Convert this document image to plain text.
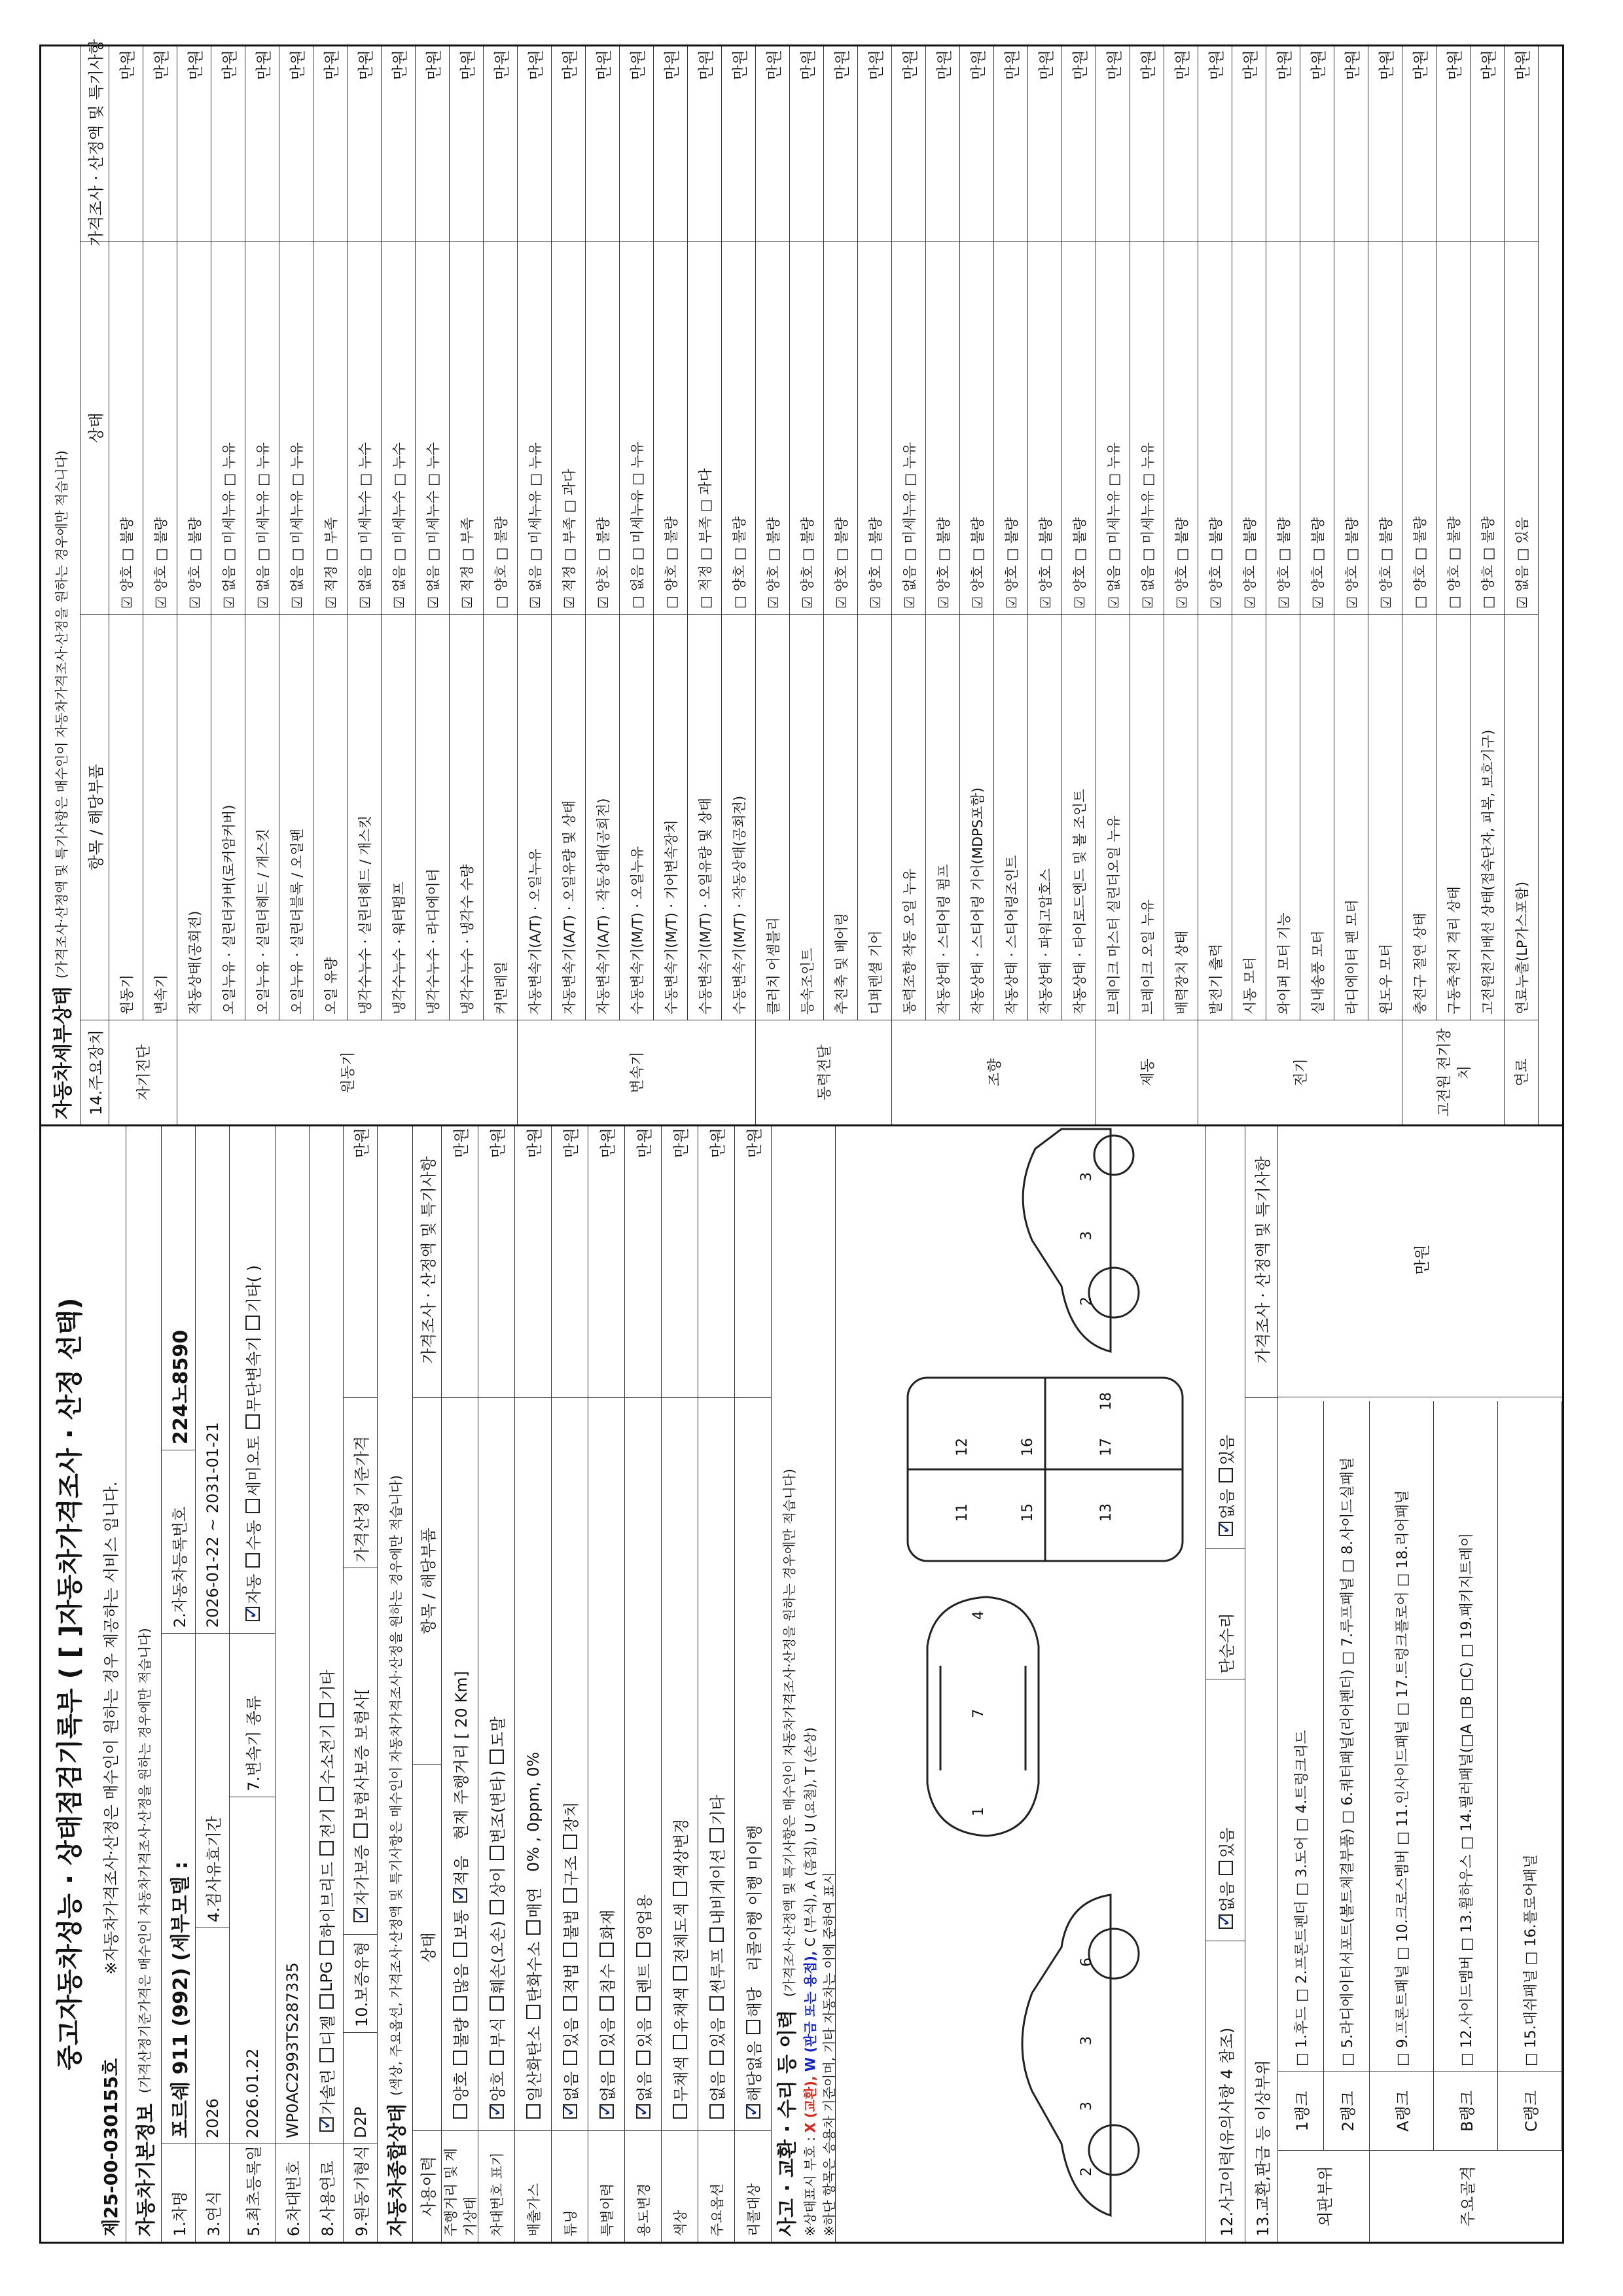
중고자동차성능 · 상태점검기록부 ( [ ]자동차가격조사 · 산정 선택)
제25-00-030155호
※자동차가격조사·산정은 매수인이 원하는 경우 제공하는 서비스 입니다.
자동차기본정보
(가격산정기준가격은 매수인이 자동차가격조사·산정을 원하는 경우에만 적습니다)
1.차명
포르쉐 911 (992) (세부모델 :
2.자동차등록번호
224노8590
3.연식
2026
4.검사유효기간
2026-01-22 ~ 2031-01-21
5.최초등록일
2026.01.22
7.변속기 종류
✓
자동
수동
세미오토
무단변속기
기타( )
6.차대번호
WP0AC2993TS287335
8.사용연료
✓
가솔린
디젤
LPG
하이브리드
전기
수소전기
기타
9.원동기형식
D2P
10.보증유형
✓
자가보증
보험사보증 보험사[
가격산정 기준가격
만원
자동차종합상태
(색상, 주요옵션, 가격조사·산정액 및 특기사항은 매수인이 자동차가격조사·산정을 원하는 경우에만 적습니다)
사용이력
상태
항목 / 해당부품
가격조사 · 산정액 및 특기사항
주행거리 및 계기상태
양호
불량
많음
보통
✓
적음
현재 주행거리 [ 20 Km]
만원
차대번호 표기
✓
양호
부식
훼손(오손)
상이
변조(변타)
도말
만원
배출가스
일산화탄소
탄화수소
매연
0% , 0ppm, 0%
만원
튜닝
✓
없음
있음
적법
불법
구조
장치
만원
특별이력
✓
없음
있음
침수
화재
만원
용도변경
✓
없음
있음
렌트
영업용
만원
색상
무채색
유채색
전체도색
색상변경
만원
주요옵션
없음
있음
썬루프
내비게이션
기타
만원
리콜대상
✓
해당없음
해당
리콜이행 이행 미이행
만원
사고 · 교환 · 수리 등 이력 (가격조사·산정액 및 특기사항은 매수인이 자동차가격조사·산정을 원하는 경우에만 적습니다)
※상태표시 부호 : X (교환), W (판금 또는 용접), C (부식), A (흠집), U (요철), T (손상)
※하단 항목은 승용차 기준이며, 기타 자동차는 이에 준하여 표시	2
3
3
6
1
7
4
11
12
15
16
13
17
18
2
3
3
12.사고이력(유의사항 4 참조)
✓
없음
있음
단순수리
✓
없음
있음
13.교환,판금 등 이상부위
가격조사 · 산정액 및 특기사항
1랭크
□ 1.후드 □ 2.프론트펜더 □ 3.도어 □ 4.트렁크리드
2랭크
□ 5.라디에이터서포트(볼트체결부품) □ 6.쿼터패널(리어펜더) □ 7.루프패널 □ 8.사이드실패널
A랭크
□ 9.프론트패널 □ 10.크로스멤버 □ 11.인사이드패널 □ 17.트렁크플로어 □ 18.리어패널
B랭크
□ 12.사이드멤버 □ 13.휠하우스 □ 14.필러패널(□A □B □C) □ 19.패키지트레이
C랭크
□ 15.대쉬패널 □ 16.플로어패널
외판부위	주요골격
만원
자동차세부상태
(가격조사·산정액 및 특기사항은 매수인이 자동차가격조사·산정을 원하는 경우에만 적습니다)
14.주요장치
항목 / 해당부품
상태
가격조사 · 산정액 및 특기사항
자기진단
원동기
☑ 양호 □ 불량
만원
변속기
☑ 양호 □ 불량
만원
원동기
작동상태(공회전)
☑ 양호 □ 불량
만원
오일누유 · 실린더커버(로커암커버)
☑ 없음 □ 미세누유 □ 누유
만원
오일누유 · 실린더헤드 / 개스킷
☑ 없음 □ 미세누유 □ 누유
만원
오일누유 · 실린더블록 / 오일팬
☑ 없음 □ 미세누유 □ 누유
만원
오일 유량
☑ 적정 □ 부족
만원
냉각수누수 · 실린더헤드 / 개스킷
☑ 없음 □ 미세누수 □ 누수
만원
냉각수누수 · 워터펌프
☑ 없음 □ 미세누수 □ 누수
만원
냉각수누수 · 라디에이터
☑ 없음 □ 미세누수 □ 누수
만원
냉각수누수 · 냉각수 수량
☑ 적정 □ 부족
만원
커먼레일
□ 양호 □ 불량
만원
변속기
자동변속기(A/T) · 오일누유
☑ 없음 □ 미세누유 □ 누유
만원
자동변속기(A/T) · 오일유량 및 상태
☑ 적정 □ 부족 □ 과다
만원
자동변속기(A/T) · 작동상태(공회전)
☑ 양호 □ 불량
만원
수동변속기(M/T) · 오일누유
□ 없음 □ 미세누유 □ 누유
만원
수동변속기(M/T) · 기어변속장치
□ 양호 □ 불량
만원
수동변속기(M/T) · 오일유량 및 상태
□ 적정 □ 부족 □ 과다
만원
수동변속기(M/T) · 작동상태(공회전)
□ 양호 □ 불량
만원
동력전달
클러치 어셈블리
☑ 양호 □ 불량
만원
등속조인트
☑ 양호 □ 불량
만원
추진축 및 베어링
☑ 양호 □ 불량
만원
디퍼렌셜 기어
☑ 양호 □ 불량
만원
조향
동력조향 작동 오일 누유
☑ 없음 □ 미세누유 □ 누유
만원
작동상태 · 스티어링 펌프
☑ 양호 □ 불량
만원
작동상태 · 스티어링 기어(MDPS포함)
☑ 양호 □ 불량
만원
작동상태 · 스티어링조인트
☑ 양호 □ 불량
만원
작동상태 · 파워고압호스
☑ 양호 □ 불량
만원
작동상태 · 타이로드엔드 및 볼 조인트
☑ 양호 □ 불량
만원
제동
브레이크 마스터 실린더오일 누유
☑ 없음 □ 미세누유 □ 누유
만원
브레이크 오일 누유
☑ 없음 □ 미세누유 □ 누유
만원
배력장치 상태
☑ 양호 □ 불량
만원
전기
발전기 출력
☑ 양호 □ 불량
만원
시동 모터
☑ 양호 □ 불량
만원
와이퍼 모터 기능
☑ 양호 □ 불량
만원
실내송풍 모터
☑ 양호 □ 불량
만원
라디에이터 팬 모터
☑ 양호 □ 불량
만원
윈도우 모터
☑ 양호 □ 불량
만원
고전원 전기장치
충전구 절연 상태
□ 양호 □ 불량
만원
구동축전지 격리 상태
□ 양호 □ 불량
만원
고전원전기배선 상태(접속단자, 피복, 보호기구)
□ 양호 □ 불량
만원
연료
연료누출(LP가스포함)
☑ 없음 □ 있음
만원
